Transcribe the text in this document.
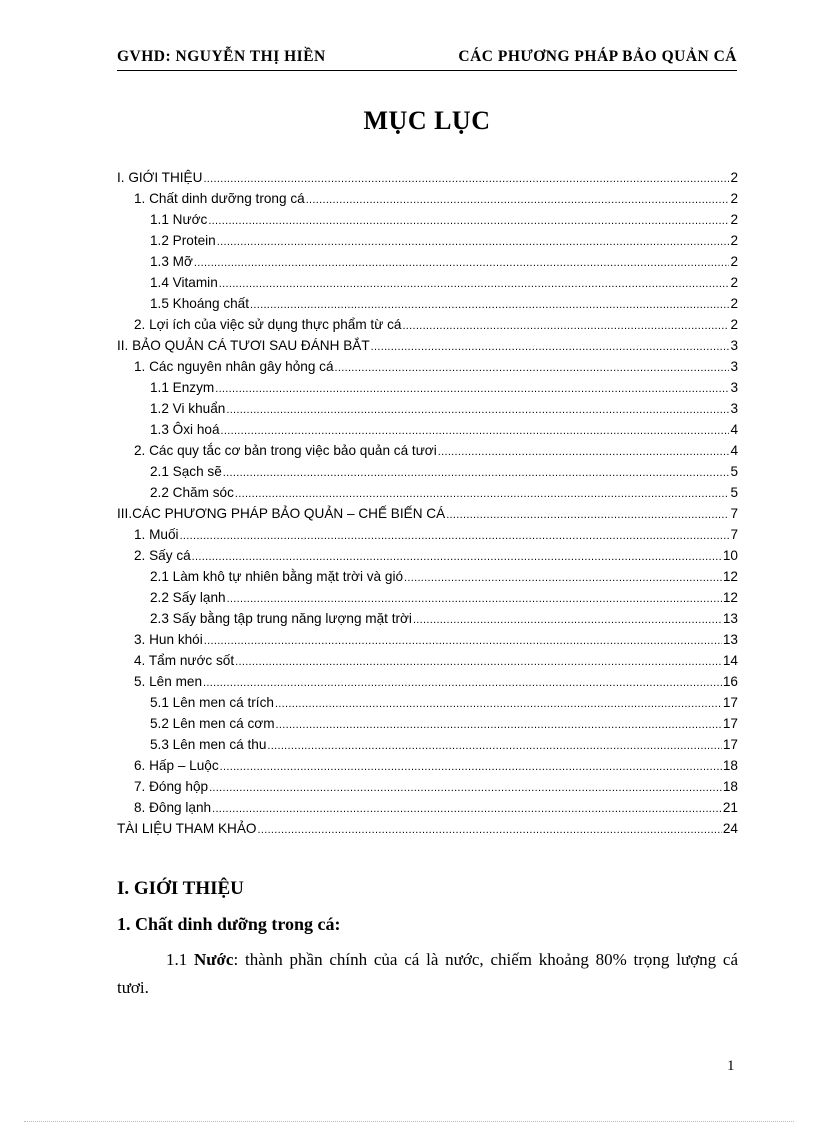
GVHD: NGUYỄN THỊ HIỀN	CÁC PHƯƠNG PHÁP BẢO QUẢN CÁ
MỤC LỤC
I. GIỚI THIỆU .....	2
1. Chất dinh dưỡng trong cá .....	2
1.1 Nước .....	2
1.2 Protein .....	2
1.3 Mỡ .....	2
1.4 Vitamin .....	2
1.5 Khoáng chất .....	2
2. Lợi ích của việc sử dụng thực phẩm từ cá .....	2
II. BẢO QUẢN CÁ TƯƠI SAU ĐÁNH BẮT .....	3
1. Các nguyên nhân gây hỏng cá .....	3
1.1 Enzym .....	3
1.2 Vi khuẩn .....	3
1.3 Ôxi hoá .....	4
2. Các quy tắc cơ bản trong việc bảo quản cá tươi .....	4
2.1 Sạch sẽ .....	5
2.2 Chăm sóc .....	5
III.CÁC PHƯƠNG PHÁP BẢO QUẢN – CHẾ BIẾN CÁ .....	7
1. Muối .....	7
2. Sấy cá .....	10
2.1 Làm khô tự nhiên bằng mặt trời và gió .....	12
2.2 Sấy lạnh .....	12
2.3 Sấy bằng tập trung năng lượng mặt trời .....	13
3. Hun khói .....	13
4. Tẩm nước sốt .....	14
5. Lên men .....	16
5.1 Lên men cá trích .....	17
5.2 Lên men cá cơm .....	17
5.3 Lên men cá thu .....	17
6. Hấp – Luộc .....	18
7. Đóng hộp .....	18
8. Đông lạnh .....	21
TÀI LIỆU THAM KHẢO .....	24
I. GIỚI THIỆU
1. Chất dinh dưỡng trong cá:
1.1 Nước: thành phần chính của cá là nước, chiếm khoảng 80% trọng lượng cá tươi.
1
